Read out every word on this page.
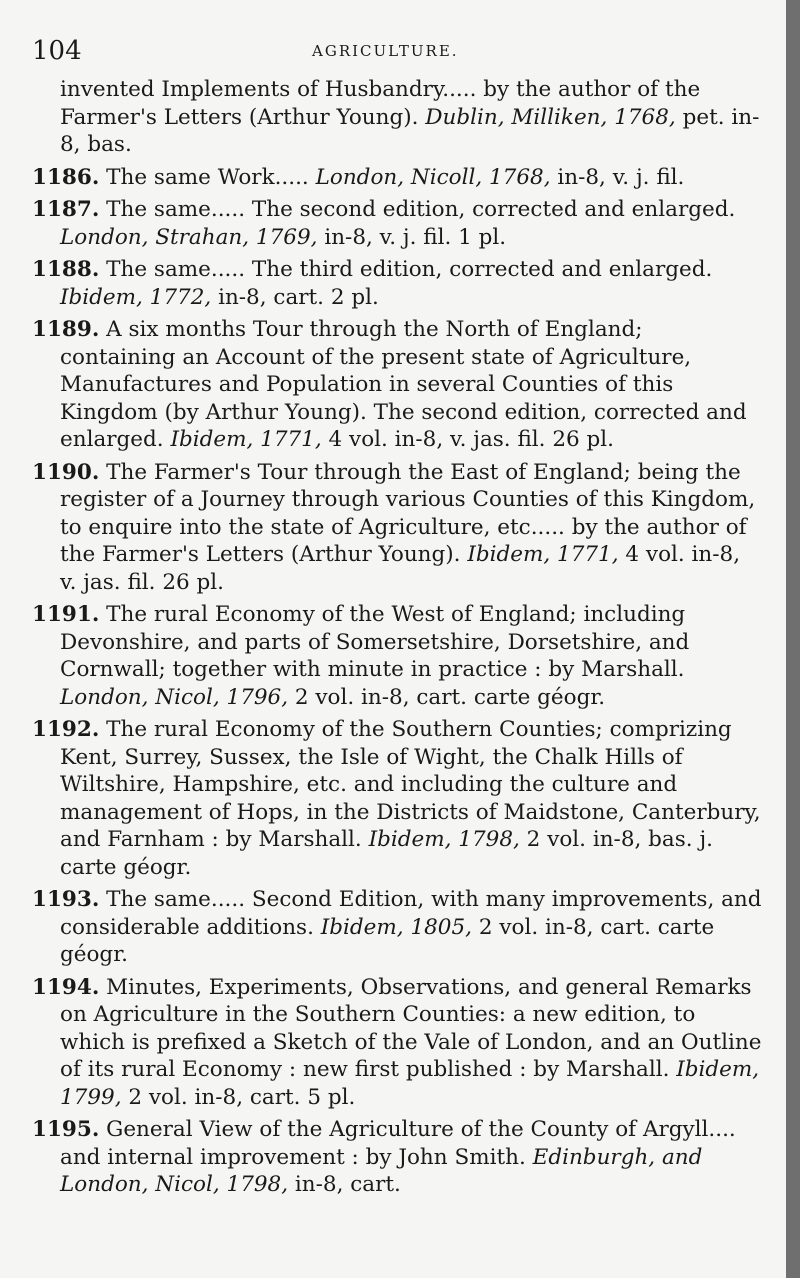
104	AGRICULTURE.

invented Implements of Husbandry..... by the author of the Farmer's Letters (Arthur Young). Dublin, Milliken, 1768, pet. in-8, bas.

1186. The same Work..... London, Nicoll, 1768, in-8, v. j. fil.

1187. The same..... The second edition, corrected and enlarged. London, Strahan, 1769, in-8, v. j. fil. 1 pl.

1188. The same..... The third edition, corrected and enlarged. Ibidem, 1772, in-8, cart. 2 pl.

1189. A six months Tour through the North of England; containing an Account of the present state of Agriculture, Manufactures and Population in several Counties of this Kingdom (by Arthur Young). The second edition, corrected and enlarged. Ibidem, 1771, 4 vol. in-8, v. jas. fil. 26 pl.

1190. The Farmer's Tour through the East of England; being the register of a Journey through various Counties of this Kingdom, to enquire into the state of Agriculture, etc..... by the author of the Farmer's Letters (Arthur Young). Ibidem, 1771, 4 vol. in-8, v. jas. fil. 26 pl.

1191. The rural Economy of the West of England; including Devonshire, and parts of Somersetshire, Dorsetshire, and Cornwall; together with minute in practice : by Marshall. London, Nicol, 1796, 2 vol. in-8, cart. carte géogr.

1192. The rural Economy of the Southern Counties; comprizing Kent, Surrey, Sussex, the Isle of Wight, the Chalk Hills of Wiltshire, Hampshire, etc. and including the culture and management of Hops, in the Districts of Maidstone, Canterbury, and Farnham : by Marshall. Ibidem, 1798, 2 vol. in-8, bas. j. carte géogr.

1193. The same..... Second Edition, with many improvements, and considerable additions. Ibidem, 1805, 2 vol. in-8, cart. carte géogr.

1194. Minutes, Experiments, Observations, and general Remarks on Agriculture in the Southern Counties: a new edition, to which is prefixed a Sketch of the Vale of London, and an Outline of its rural Economy : new first published : by Marshall. Ibidem, 1799, 2 vol. in-8, cart. 5 pl.

1195. General View of the Agriculture of the County of Argyll.... and internal improvement : by John Smith. Edinburgh, and London, Nicol, 1798, in-8, cart.
